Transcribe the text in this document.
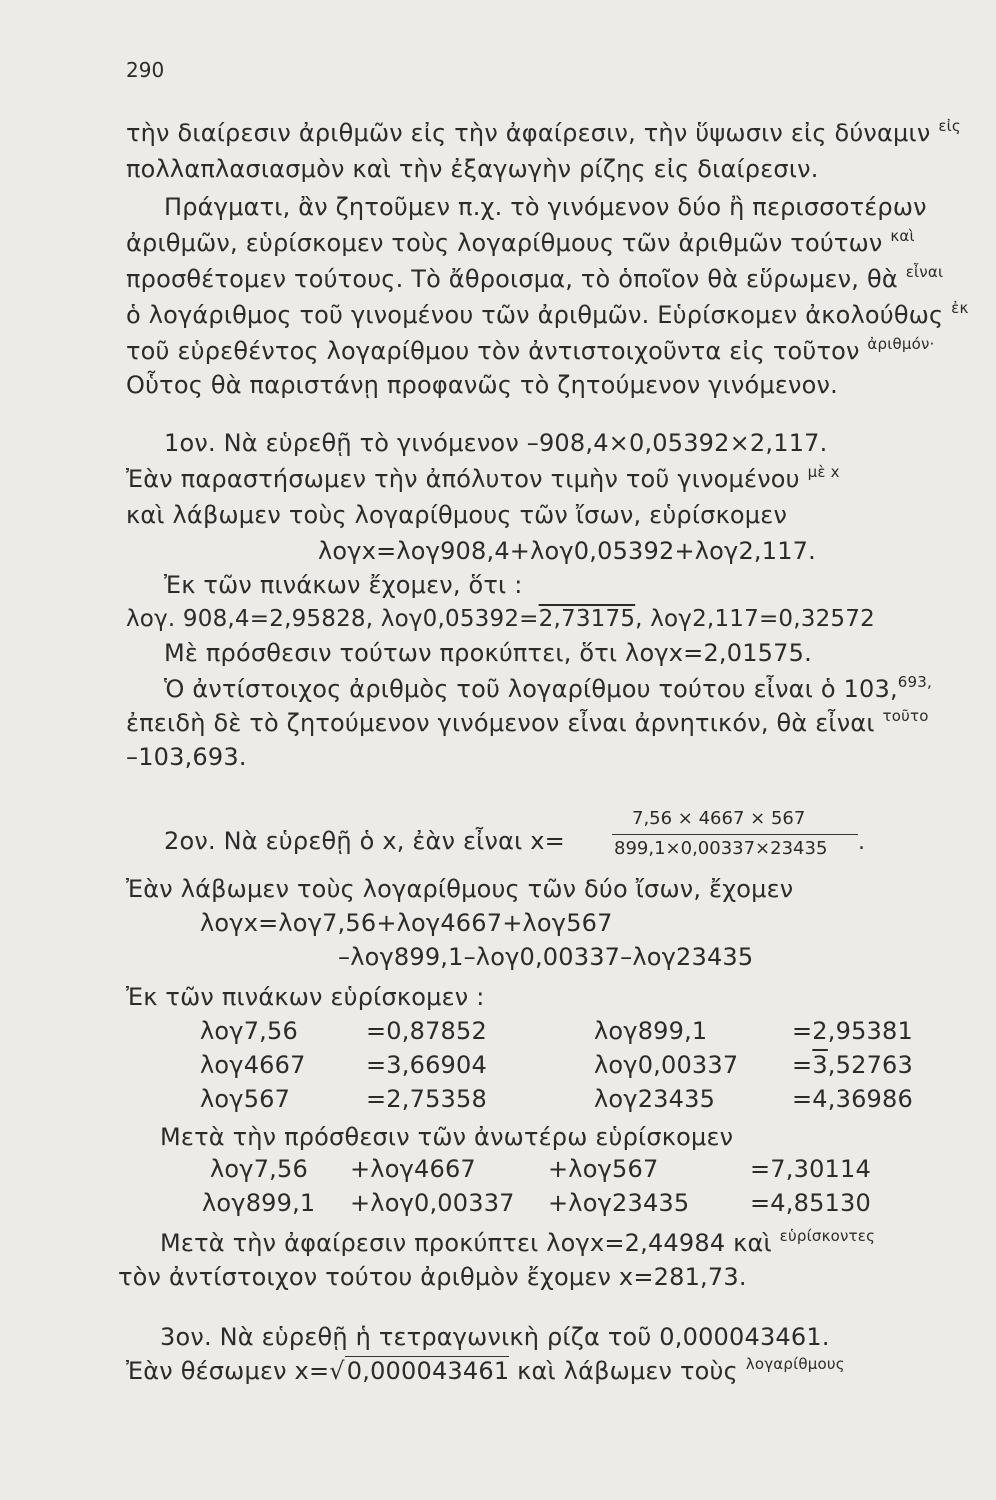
290
τὴν διαίρεσιν ἀριθμῶν εἰς τὴν ἀφαίρεσιν, τὴν ὕψωσιν εἰς δύναμιν $^{\varepsilon ἰ\varsigma}$
πολλαπλασιασμὸν καὶ τὴν ἐξαγωγὴν ρίζης εἰς διαίρεσιν.
Πράγματι, ἂν ζητοῦμεν π.χ. τὸ γινόμενον δύο ἢ περισσοτέρων
ἀριθμῶν, εὑρίσκομεν τοὺς λογαρίθμους τῶν ἀριθμῶν τούτων $^{\kappa\alpha ὶ}$
προσθέτομεν τούτους. Τὸ ἄθροισμα, τὸ ὁποῖον θὰ εὕρωμεν, θὰ $^{\varepsilon ἶ\nu\alpha\iota}$
ὁ λογάριθμος τοῦ γινομένου τῶν ἀριθμῶν. Εὑρίσκομεν ἀκολούθως $^{ἐ\kappa}$
τοῦ εὑρεθέντος λογαρίθμου τὸν ἀντιστοιχοῦντα εἰς τοῦτον $^{ἀ\rho\iota\theta\mu ό\nu\cdot}$
Οὗτος θὰ παριστάνῃ προφανῶς τὸ ζητούμενον γινόμενον.
1ον. Νὰ εὑρεθῇ τὸ γινόμενον –908,4×0,05392×2,117.
Ἐὰν παραστήσωμεν τὴν ἀπόλυτον τιμὴν τοῦ γινομένου $^{\mu ὲ x}$
καὶ λάβωμεν τοὺς λογαρίθμους τῶν ἴσων, εὑρίσκομεν
λογx=λογ908,4+λογ0,05392+λογ2,117.
Ἐκ τῶν πινάκων ἔχομεν, ὅτι :
λογ. 908,4=2,95828, λογ0,05392=2,73175, λογ2,117=0,32572
Μὲ πρόσθεσιν τούτων προκύπτει, ὅτι λογx=2,01575.
Ὁ ἀντίστοιχος ἀριθμὸς τοῦ λογαρίθμου τούτου εἶναι ὁ 103,$^{693,}$
ἐπειδὴ δὲ τὸ ζητούμενον γινόμενον εἶναι ἀρνητικόν, θὰ εἶναι $^{\tau oῦ\tau o}$
–103,693.
2ον. Νὰ εὑρεθῇ ὁ x, ἐὰν εἶναι x=
7,56 × 4667 × 567
899,1×0,00337×23435 .
Ἐὰν λάβωμεν τοὺς λογαρίθμους τῶν δύο ἴσων, ἔχομεν
λογx=λογ7,56+λογ4667+λογ567
–λογ899,1–λογ0,00337–λογ23435
Ἐκ τῶν πινάκων εὑρίσκομεν :
λογ7,56	=0,87852	λογ899,1	=2,95381
λογ4667	=3,66904	λογ0,00337 =3,52763
λογ567	=2,75358	λογ23435	=4,36986
Μετὰ τὴν πρόσθεσιν τῶν ἀνωτέρω εὑρίσκομεν
λογ7,56 +λογ4667	+λογ567	=7,30114
λογ899,1 +λογ0,00337 +λογ23435	=4,85130
Μετὰ τὴν ἀφαίρεσιν προκύπτει λογx=2,44984 καὶ $^{\varepsilon ὑ\rho ί\sigma\kappa o\nu\tau\varepsilon\varsigma}$
τὸν ἀντίστοιχον τούτου ἀριθμὸν ἔχομεν x=281,73.
3ον. Νὰ εὑρεθῇ ἡ τετραγωνικὴ ρίζα τοῦ 0,000043461.
Ἐὰν θέσωμεν x=√0,000043461 καὶ λάβωμεν τοὺς $^{\lambda o\gamma\alpha\rho ί\theta\mu o\upsilon\varsigma}$
